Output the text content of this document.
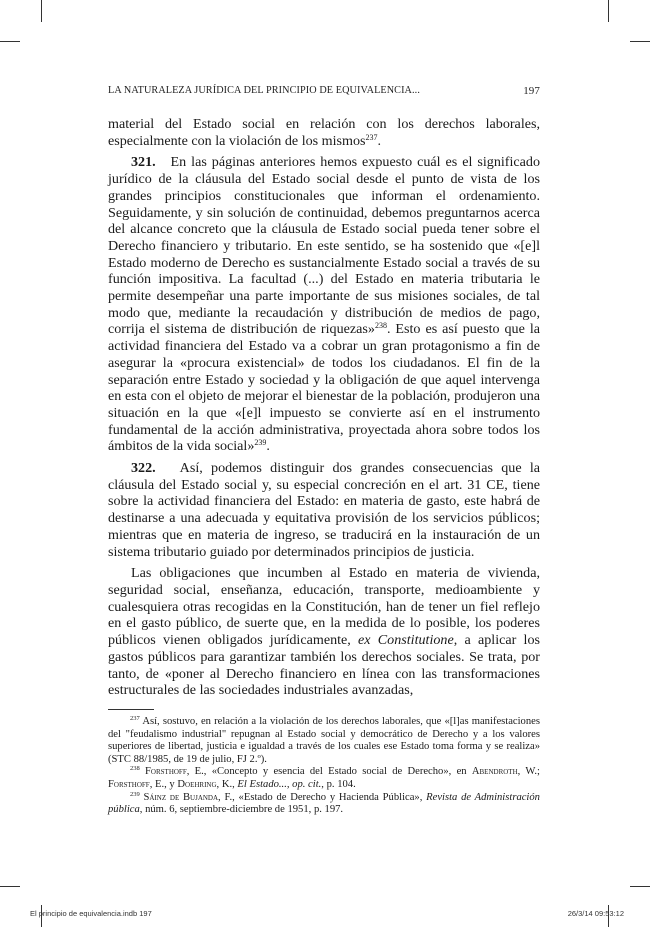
LA NATURALEZA JURÍDICA DEL PRINCIPIO DE EQUIVALENCIA...	197

material del Estado social en relación con los derechos laborales, especialmente con la violación de los mismos$^{237}$.

321. En las páginas anteriores hemos expuesto cuál es el significado jurídico de la cláusula del Estado social desde el punto de vista de los grandes principios constitucionales que informan el ordenamiento. Seguidamente, y sin solución de continuidad, debemos preguntarnos acerca del alcance concreto que la cláusula de Estado social pueda tener sobre el Derecho financiero y tributario. En este sentido, se ha sostenido que «[e]l Estado moderno de Derecho es sustancialmente Estado social a través de su función impositiva. La facultad (...) del Estado en materia tributaria le permite desempeñar una parte importante de sus misiones sociales, de tal modo que, mediante la recaudación y distribución de medios de pago, corrija el sistema de distribución de riquezas»$^{238}$. Esto es así puesto que la actividad financiera del Estado va a cobrar un gran protagonismo a fin de asegurar la «procura existencial» de todos los ciudadanos. El fin de la separación entre Estado y sociedad y la obligación de que aquel intervenga en esta con el objeto de mejorar el bienestar de la población, produjeron una situación en la que «[e]l impuesto se convierte así en el instrumento fundamental de la acción administrativa, proyectada ahora sobre todos los ámbitos de la vida social»$^{239}$.

322. Así, podemos distinguir dos grandes consecuencias que la cláusula del Estado social y, su especial concreción en el art. 31 CE, tiene sobre la actividad financiera del Estado: en materia de gasto, este habrá de destinarse a una adecuada y equitativa provisión de los servicios públicos; mientras que en materia de ingreso, se traducirá en la instauración de un sistema tributario guiado por determinados principios de justicia.

Las obligaciones que incumben al Estado en materia de vivienda, seguridad social, enseñanza, educación, transporte, medioambiente y cualesquiera otras recogidas en la Constitución, han de tener un fiel reflejo en el gasto público, de suerte que, en la medida de lo posible, los poderes públicos vienen obligados jurídicamente, ex Constitutione, a aplicar los gastos públicos para garantizar también los derechos sociales. Se trata, por tanto, de «poner al Derecho financiero en línea con las transformaciones estructurales de las sociedades industriales avanzadas,

$^{237}$ Así, sostuvo, en relación a la violación de los derechos laborales, que «[l]as manifestaciones del "feudalismo industrial" repugnan al Estado social y democrático de Derecho y a los valores superiores de libertad, justicia e igualdad a través de los cuales ese Estado toma forma y se realiza» (STC 88/1985, de 19 de julio, FJ 2.º).

$^{238}$ Forsthoff, E., «Concepto y esencia del Estado social de Derecho», en Abendroth, W.; Forsthoff, E., y Doehring, K., El Estado..., op. cit., p. 104.

$^{239}$ Sáinz de Bujanda, F., «Estado de Derecho y Hacienda Pública», Revista de Administración pública, núm. 6, septiembre-diciembre de 1951, p. 197.

El principio de equivalencia.indb 197	26/3/14 09:53:12
